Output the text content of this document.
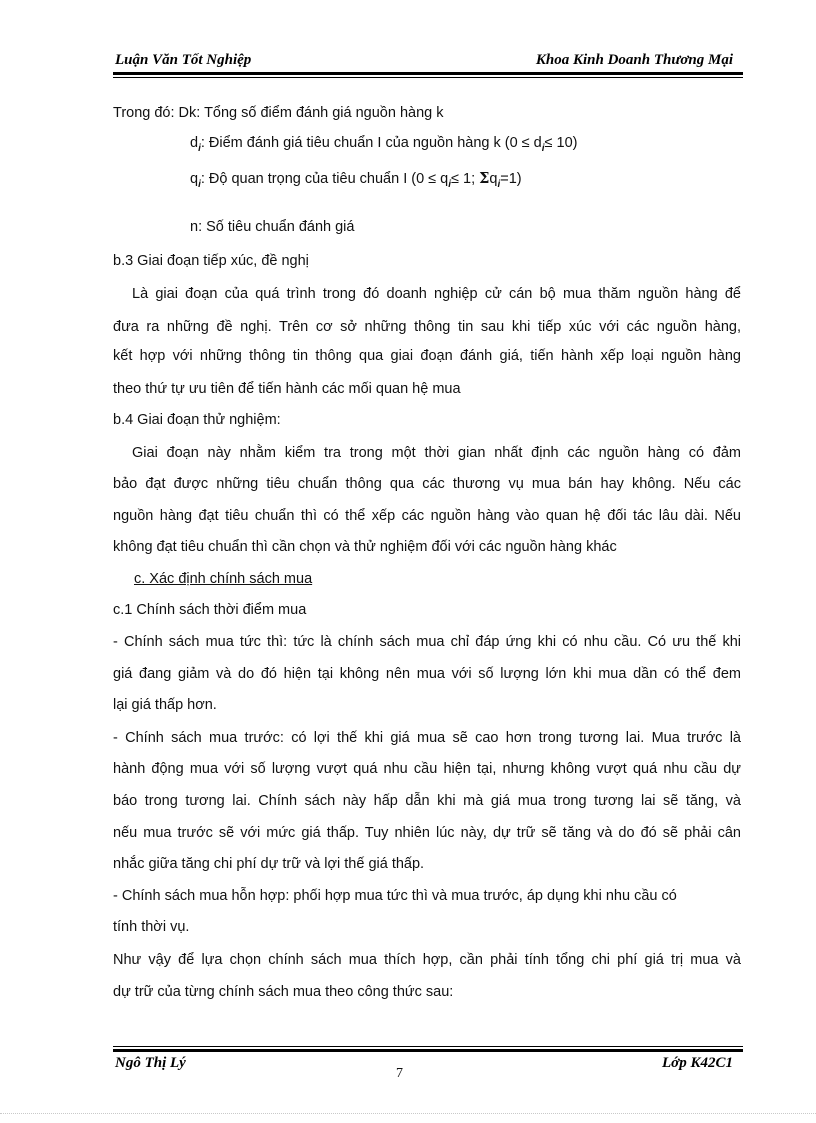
Luận Văn Tốt Nghiệp	Khoa Kinh Doanh Thương Mại
Trong đó: Dk: Tổng số điểm đánh giá nguồn hàng k
$d_i$: Điểm đánh giá tiêu chuẩn I của nguồn hàng k $(0 \le d_i\le 10)$
$q_i$: Độ quan trọng của tiêu chuẩn I ($0 \le q_i\le 1$; $\Sigma q_i=1$)
n: Số tiêu chuẩn đánh giá
b.3 Giai đoạn tiếp xúc, đề nghị
Là giai đoạn của quá trình trong đó doanh nghiệp cử cán bộ mua thăm nguồn hàng để
đưa ra những đề nghị. Trên cơ sở những thông tin sau khi tiếp xúc với các nguồn hàng,
kết hợp với những thông tin thông qua giai đoạn đánh giá, tiến hành xếp loại nguồn hàng
theo thứ tự ưu tiên để tiến hành các mối quan hệ mua
b.4 Giai đoạn thử nghiệm:
Giai đoạn này nhằm kiểm tra trong một thời gian nhất định các nguồn hàng có đảm
bảo đạt được những tiêu chuẩn thông qua các thương vụ mua bán hay không. Nếu các
nguồn hàng đạt tiêu chuẩn thì có thể xếp các nguồn hàng vào quan hệ đối tác lâu dài. Nếu
không đạt tiêu chuẩn thì cần chọn và thử nghiệm đối với các nguồn hàng khác
c. Xác định chính sách mua
c.1 Chính sách thời điểm mua
- Chính sách mua tức thì: tức là chính sách mua chỉ đáp ứng khi có nhu cầu. Có ưu thế khi
giá đang giảm và do đó hiện tại không nên mua với số lượng lớn khi mua dần có thể đem
lại giá thấp hơn.
- Chính sách mua trước: có lợi thế khi giá mua sẽ cao hơn trong tương lai. Mua trước là
hành động mua với số lượng vượt quá nhu cầu hiện tại, nhưng không vượt quá nhu cầu dự
báo trong tương lai. Chính sách này hấp dẫn khi mà giá mua trong tương lai sẽ tăng, và
nếu mua trước sẽ với mức giá thấp. Tuy nhiên lúc này, dự trữ sẽ tăng và do đó sẽ phải cân
nhắc giữa tăng chi phí dự trữ và lợi thế giá thấp.
- Chính sách mua hỗn hợp: phối hợp mua tức thì và mua trước, áp dụng khi nhu cầu có
tính thời vụ.
Như vậy để lựa chọn chính sách mua thích hợp, cần phải tính tổng chi phí giá trị mua và
dự trữ của từng chính sách mua theo công thức sau:
Ngô Thị Lý	Lớp K42C1
7
